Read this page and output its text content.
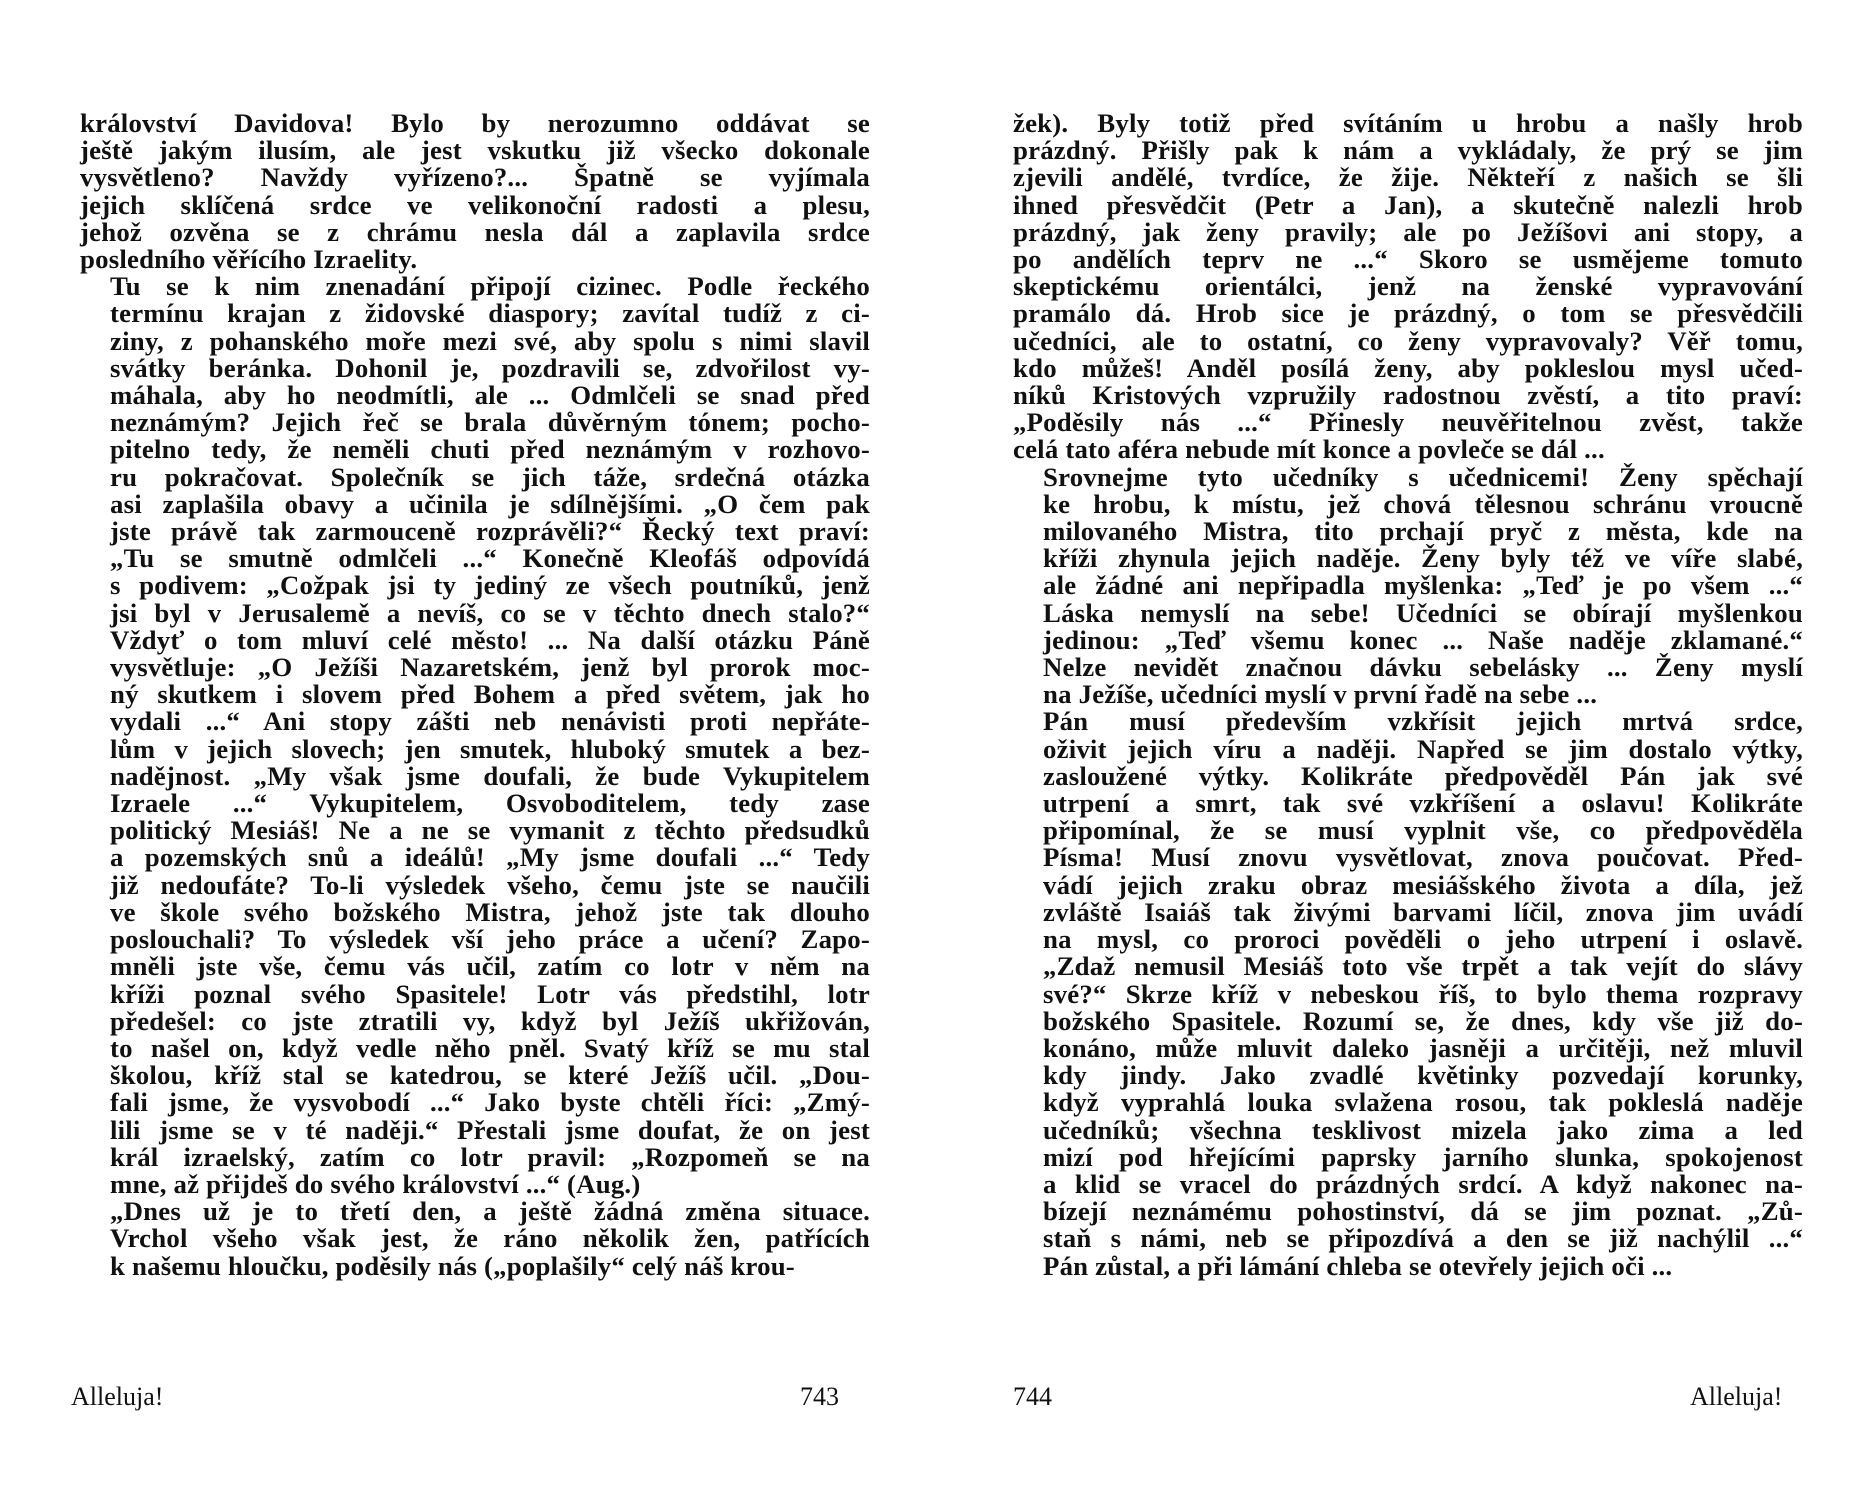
království Davidova! Bylo by nerozumno oddávat se
ještě jakým ilusím, ale jest vskutku již všecko dokonale
vysvětleno? Navždy vyřízeno?... Špatně se vyjímala
jejich sklíčená srdce ve velikonoční radosti a plesu,
jehož ozvěna se z chrámu nesla dál a zaplavila srdce
posledního věřícího Izraelity.
Tu se k nim znenadání připojí cizinec. Podle řeckého
termínu krajan z židovské diaspory; zavítal tudíž z ci-
ziny, z pohanského moře mezi své, aby spolu s nimi slavil
svátky beránka. Dohonil je, pozdravili se, zdvořilost vy-
máhala, aby ho neodmítli, ale ... Odmlčeli se snad před
neznámým? Jejich řeč se brala důvěrným tónem; pocho-
pitelno tedy, že neměli chuti před neznámým v rozhovo-
ru pokračovat. Společník se jich táže, srdečná otázka
asi zaplašila obavy a učinila je sdílnějšími. „O čem pak
jste právě tak zarmouceně rozprávěli?“ Řecký text praví:
„Tu se smutně odmlčeli ...“ Konečně Kleofáš odpovídá
s podivem: „Cožpak jsi ty jediný ze všech poutníků, jenž
jsi byl v Jerusalemě a nevíš, co se v těchto dnech stalo?“
Vždyť o tom mluví celé město! ... Na další otázku Páně
vysvětluje: „O Ježíši Nazaretském, jenž byl prorok moc-
ný skutkem i slovem před Bohem a před světem, jak ho
vydali ...“ Ani stopy zášti neb nenávisti proti nepřáte-
lům v jejich slovech; jen smutek, hluboký smutek a bez-
nadějnost. „My však jsme doufali, že bude Vykupitelem
Izraele ...“ Vykupitelem, Osvoboditelem, tedy zase
politický Mesiáš! Ne a ne se vymanit z těchto předsudků
a pozemských snů a ideálů! „My jsme doufali ...“ Tedy
již nedoufáte? To-li výsledek všeho, čemu jste se naučili
ve škole svého božského Mistra, jehož jste tak dlouho
poslouchali? To výsledek vší jeho práce a učení? Zapo-
mněli jste vše, čemu vás učil, zatím co lotr v něm na
kříži poznal svého Spasitele! Lotr vás předstihl, lotr
předešel: co jste ztratili vy, když byl Ježíš ukřižován,
to našel on, když vedle něho pněl. Svatý kříž se mu stal
školou, kříž stal se katedrou, se které Ježíš učil. „Dou-
fali jsme, že vysvobodí ...“ Jako byste chtěli říci: „Zmý-
lili jsme se v té naději.“ Přestali jsme doufat, že on jest
král izraelský, zatím co lotr pravil: „Rozpomeň se na
mne, až přijdeš do svého království ...“ (Aug.)
„Dnes už je to třetí den, a ještě žádná změna situace.
Vrchol všeho však jest, že ráno několik žen, patřících
k našemu hloučku, poděsily nás („poplašily“ celý náš krou-
žek). Byly totiž před svítáním u hrobu a našly hrob
prázdný. Přišly pak k nám a vykládaly, že prý se jim
zjevili andělé, tvrdíce, že žije. Někteří z našich se šli
ihned přesvědčit (Petr a Jan), a skutečně nalezli hrob
prázdný, jak ženy pravily; ale po Ježíšovi ani stopy, a
po andělích teprv ne ...“ Skoro se usmějeme tomuto
skeptickému orientálci, jenž na ženské vypravování
pramálo dá. Hrob sice je prázdný, o tom se přesvědčili
učedníci, ale to ostatní, co ženy vypravovaly? Věř tomu,
kdo můžeš! Anděl posílá ženy, aby pokleslou mysl učed-
níků Kristových vzpružily radostnou zvěstí, a tito praví:
„Poděsily nás ...“ Přinesly neuvěřitelnou zvěst, takže
celá tato aféra nebude mít konce a povleče se dál ...
Srovnejme tyto učedníky s učednicemi! Ženy spěchají
ke hrobu, k místu, jež chová tělesnou schránu vroucně
milovaného Mistra, tito prchají pryč z města, kde na
kříži zhynula jejich naděje. Ženy byly též ve víře slabé,
ale žádné ani nepřipadla myšlenka: „Teď je po všem ...“
Láska nemyslí na sebe! Učedníci se obírají myšlenkou
jedinou: „Teď všemu konec ... Naše naděje zklamané.“
Nelze nevidět značnou dávku sebelásky ... Ženy myslí
na Ježíše, učedníci myslí v první řadě na sebe ...
Pán musí především vzkřísit jejich mrtvá srdce,
oživit jejich víru a naději. Napřed se jim dostalo výtky,
zasloužené výtky. Kolikráte předpověděl Pán jak své
utrpení a smrt, tak své vzkříšení a oslavu! Kolikráte
připomínal, že se musí vyplnit vše, co předpověděla
Písma! Musí znovu vysvětlovat, znova poučovat. Před-
vádí jejich zraku obraz mesiášského života a díla, jež
zvláště Isaiáš tak živými barvami líčil, znova jim uvádí
na mysl, co proroci pověděli o jeho utrpení i oslavě.
„Zdaž nemusil Mesiáš toto vše trpět a tak vejít do slávy
své?“ Skrze kříž v nebeskou říš, to bylo thema rozpravy
božského Spasitele. Rozumí se, že dnes, kdy vše již do-
konáno, může mluvit daleko jasněji a určitěji, než mluvil
kdy jindy. Jako zvadlé květinky pozvedají korunky,
když vyprahlá louka svlažena rosou, tak pokleslá naděje
učedníků; všechna tesklivost mizela jako zima a led
mizí pod hřejícími paprsky jarního slunka, spokojenost
a klid se vracel do prázdných srdcí. A když nakonec na-
bízejí neznámému pohostinství, dá se jim poznat. „Zů-
staň s námi, neb se připozdívá a den se již nachýlil ...“
Pán zůstal, a při lámání chleba se otevřely jejich oči ...
Alleluja!	743	744	Alleluja!
